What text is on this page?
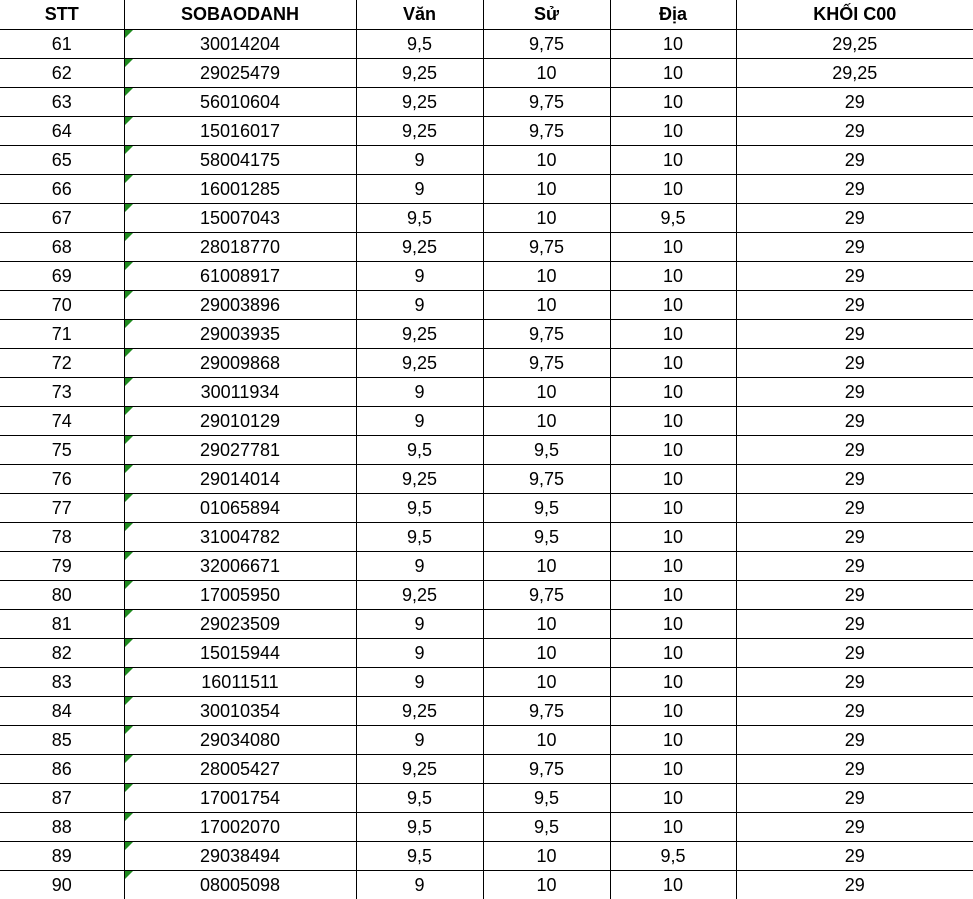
STT	SOBAODANH	Văn	Sử	Địa	KHỐI C00
61	30014204	9,5	9,75	10	29,25
62	29025479	9,25	10	10	29,25
63	56010604	9,25	9,75	10	29
64	15016017	9,25	9,75	10	29
65	58004175	9	10	10	29
66	16001285	9	10	10	29
67	15007043	9,5	10	9,5	29
68	28018770	9,25	9,75	10	29
69	61008917	9	10	10	29
70	29003896	9	10	10	29
71	29003935	9,25	9,75	10	29
72	29009868	9,25	9,75	10	29
73	30011934	9	10	10	29
74	29010129	9	10	10	29
75	29027781	9,5	9,5	10	29
76	29014014	9,25	9,75	10	29
77	01065894	9,5	9,5	10	29
78	31004782	9,5	9,5	10	29
79	32006671	9	10	10	29
80	17005950	9,25	9,75	10	29
81	29023509	9	10	10	29
82	15015944	9	10	10	29
83	16011511	9	10	10	29
84	30010354	9,25	9,75	10	29
85	29034080	9	10	10	29
86	28005427	9,25	9,75	10	29
87	17001754	9,5	9,5	10	29
88	17002070	9,5	9,5	10	29
89	29038494	9,5	10	9,5	29
90	08005098	9	10	10	29
